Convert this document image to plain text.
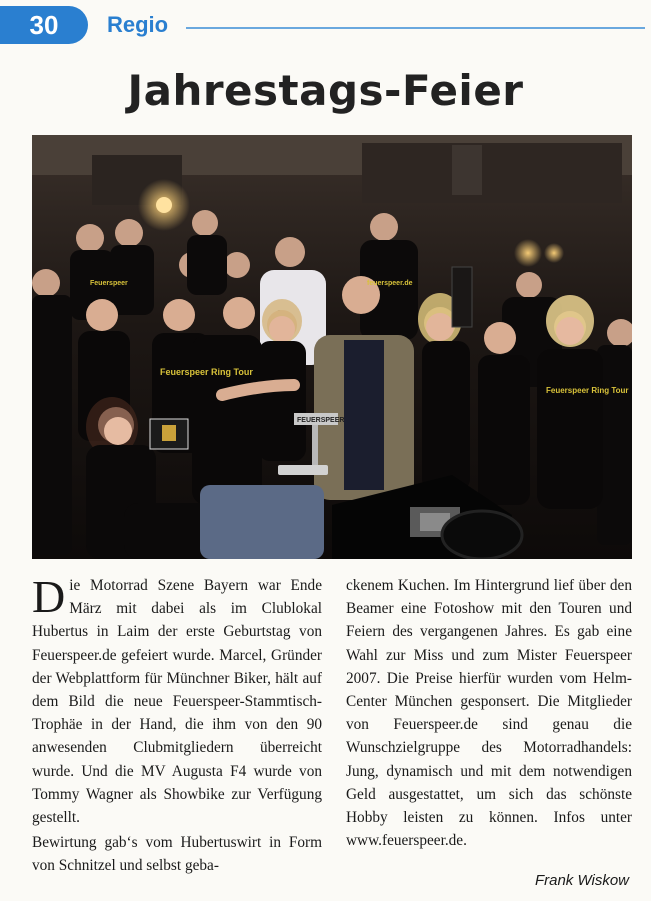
30 Regio
Jahrestags-Feier
Feuerspeer Ring Tour
Feuerspeer Ring Tour
Feuerspeer	feuerspeer.de
FEUERSPEER

Die Motorrad Szene Bayern war Ende März mit dabei als im Clublokal Hubertus in Laim der erste Geburtstag von Feuerspeer.de gefeiert wurde. Marcel, Gründer der Webplattform für Münchner Biker, hält auf dem Bild die neue Feuerspeer-Stammtisch-Trophäe in der Hand, die ihm von den 90 anwesenden Clubmitgliedern überreicht wurde. Und die MV Augusta F4 wurde von Tommy Wagner als Showbike zur Verfügung gestellt.

Bewirtung gab‘s vom Hubertuswirt in Form von Schnitzel und selbst geba-

ckenem Kuchen. Im Hintergrund lief über den Beamer eine Fotoshow mit den Touren und Feiern des vergangenen Jahres. Es gab eine Wahl zur Miss und zum Mister Feuerspeer 2007. Die Preise hierfür wurden vom Helm-Center München gesponsert. Die Mitglieder von Feuerspeer.de sind genau die Wunschzielgruppe des Motorradhandels: Jung, dynamisch und mit dem notwendigen Geld ausgestattet, um sich das schönste Hobby leisten zu können. Infos unter www.feuerspeer.de.

Frank Wiskow
